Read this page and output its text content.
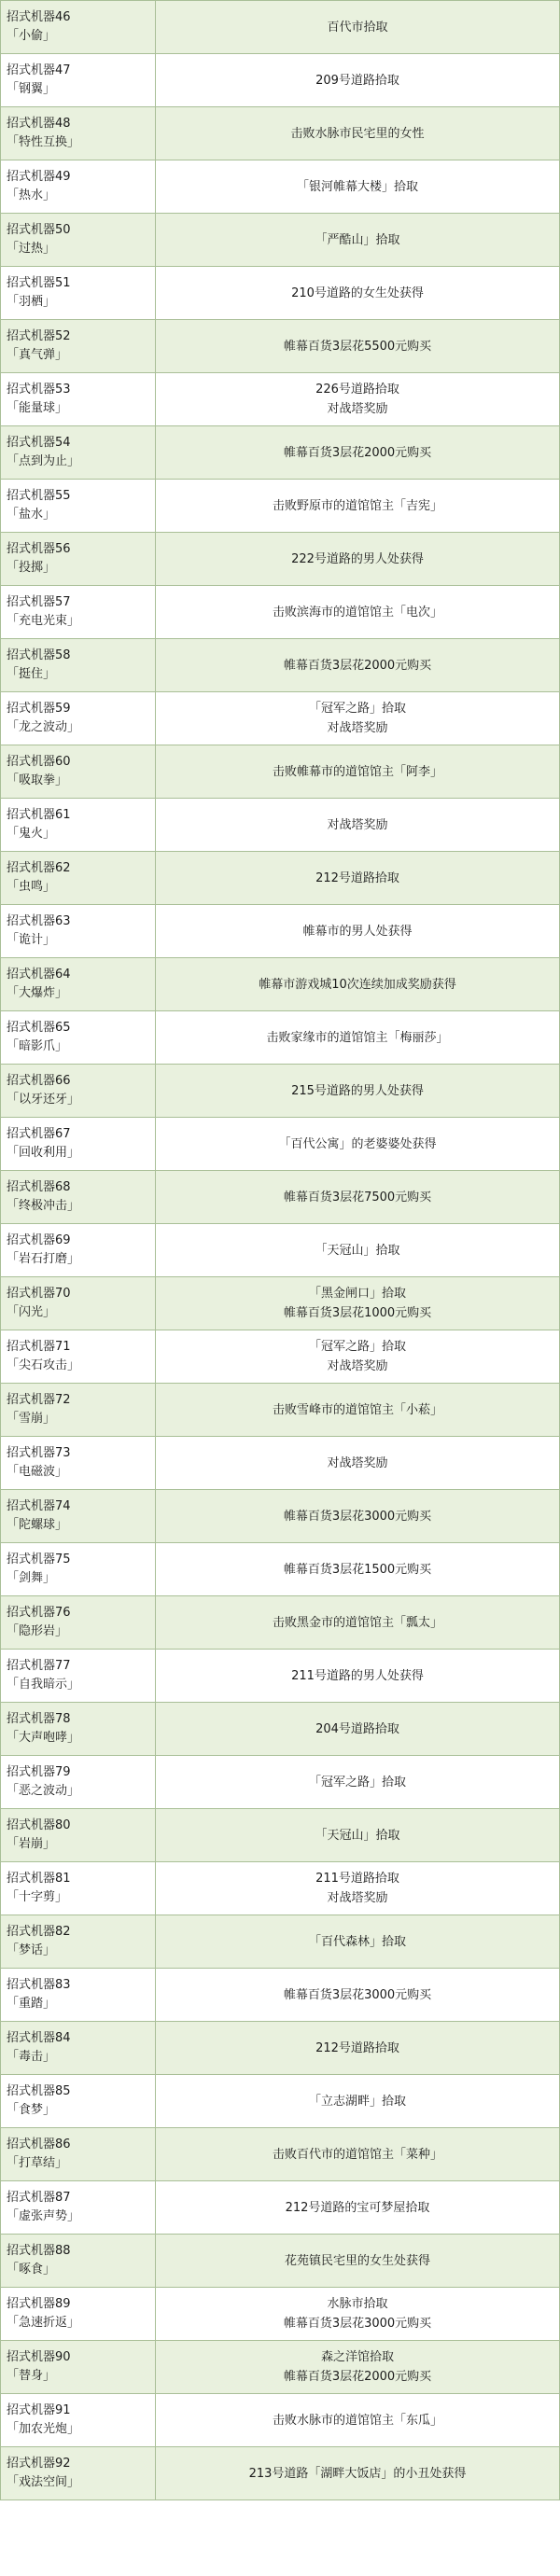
招式机器46
「小偷」	百代市拾取

招式机器47
「钢翼」	209号道路拾取

招式机器48
「特性互换」	击败水脉市民宅里的女性

招式机器49
「热水」	「银河帷幕大楼」拾取

招式机器50
「过热」	「严酷山」拾取

招式机器51
「羽栖」	210号道路的女生处获得

招式机器52
「真气弹」	帷幕百货3层花5500元购买

招式机器53
「能量球」	226号道路拾取
对战塔奖励

招式机器54
「点到为止」	帷幕百货3层花2000元购买

招式机器55
「盐水」	击败野原市的道馆馆主「吉宪」

招式机器56
「投掷」	222号道路的男人处获得

招式机器57
「充电光束」	击败滨海市的道馆馆主「电次」

招式机器58
「挺住」	帷幕百货3层花2000元购买

招式机器59
「龙之波动」	「冠军之路」拾取
对战塔奖励

招式机器60
「吸取拳」	击败帷幕市的道馆馆主「阿李」

招式机器61
「鬼火」	对战塔奖励

招式机器62
「虫鸣」	212号道路拾取

招式机器63
「诡计」	帷幕市的男人处获得

招式机器64
「大爆炸」	帷幕市游戏城10次连续加成奖励获得

招式机器65
「暗影爪」	击败家缘市的道馆馆主「梅丽莎」

招式机器66
「以牙还牙」	215号道路的男人处获得

招式机器67
「回收利用」	「百代公寓」的老婆婆处获得

招式机器68
「终极冲击」	帷幕百货3层花7500元购买

招式机器69
「岩石打磨」	「天冠山」拾取

招式机器70
「闪光」	「黑金闸口」拾取
帷幕百货3层花1000元购买

招式机器71
「尖石攻击」	「冠军之路」拾取
对战塔奖励

招式机器72
「雪崩」	击败雪峰市的道馆馆主「小菘」

招式机器73
「电磁波」	对战塔奖励

招式机器74
「陀螺球」	帷幕百货3层花3000元购买

招式机器75
「剑舞」	帷幕百货3层花1500元购买

招式机器76
「隐形岩」	击败黑金市的道馆馆主「瓢太」

招式机器77
「自我暗示」	211号道路的男人处获得

招式机器78
「大声咆哮」	204号道路拾取

招式机器79
「恶之波动」	「冠军之路」拾取

招式机器80
「岩崩」	「天冠山」拾取

招式机器81
「十字剪」	211号道路拾取
对战塔奖励

招式机器82
「梦话」	「百代森林」拾取

招式机器83
「重踏」	帷幕百货3层花3000元购买

招式机器84
「毒击」	212号道路拾取

招式机器85
「食梦」	「立志湖畔」拾取

招式机器86
「打草结」	击败百代市的道馆馆主「菜种」

招式机器87
「虚张声势」	212号道路的宝可梦屋拾取

招式机器88
「啄食」	花苑镇民宅里的女生处获得

招式机器89
「急速折返」	水脉市拾取
帷幕百货3层花3000元购买

招式机器90
「替身」	森之洋馆拾取
帷幕百货3层花2000元购买

招式机器91
「加农光炮」	击败水脉市的道馆馆主「东瓜」

招式机器92
「戏法空间」	213号道路「湖畔大饭店」的小丑处获得
